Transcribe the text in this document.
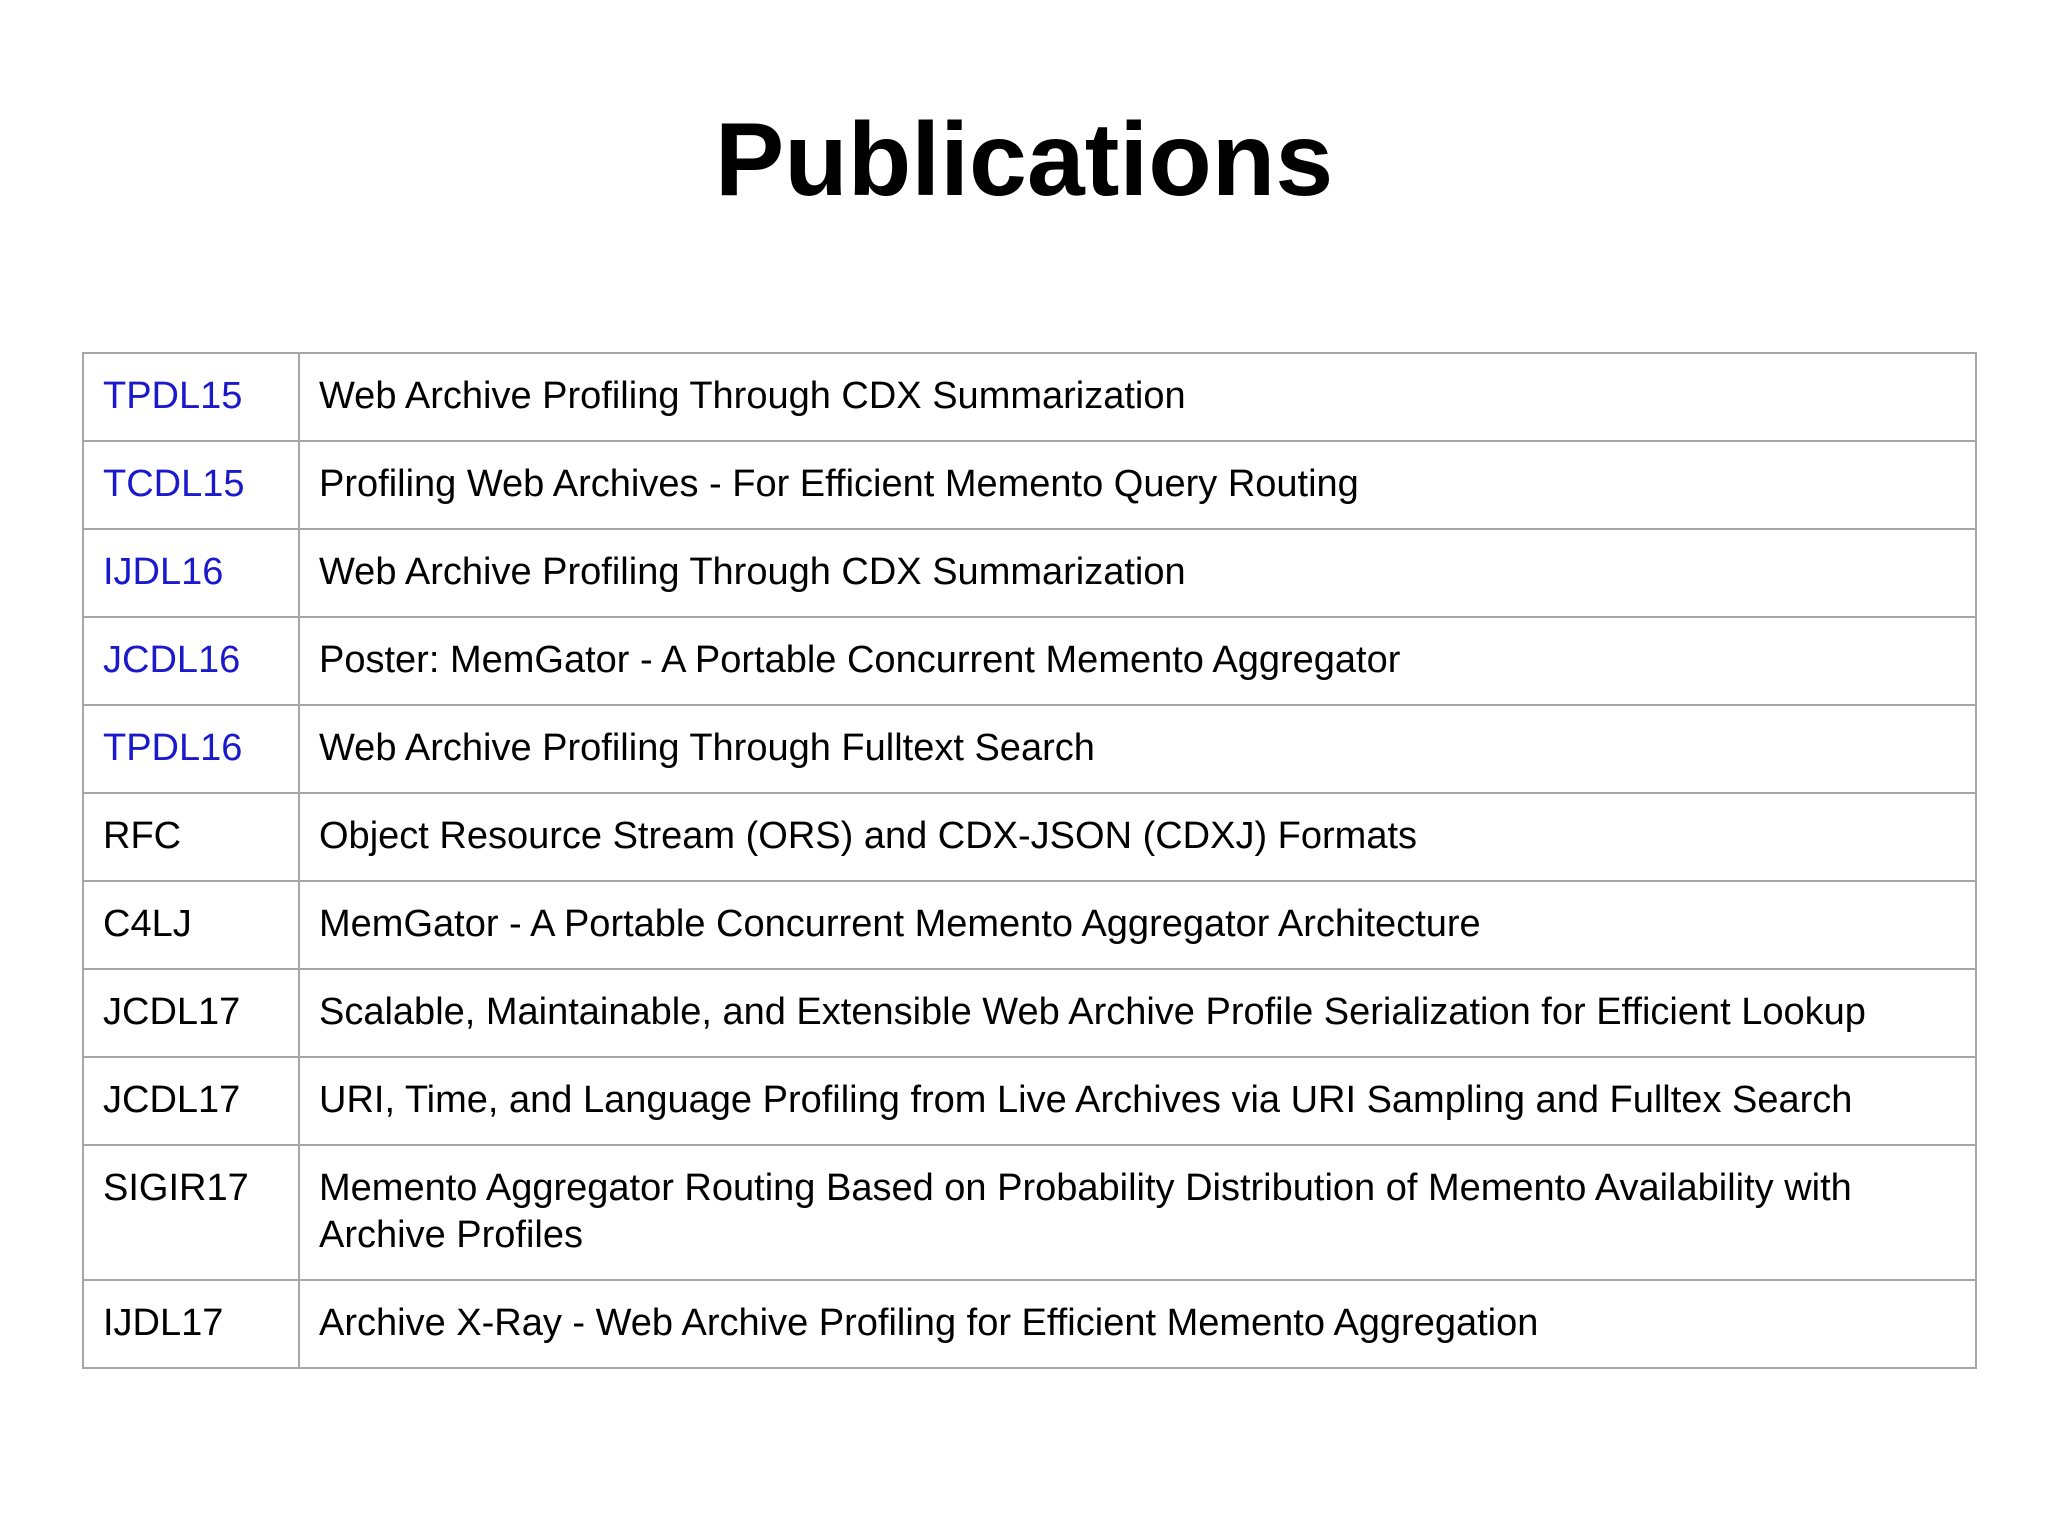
Publications
TPDL15	Web Archive Profiling Through CDX Summarization
TCDL15	Profiling Web Archives - For Efficient Memento Query Routing
IJDL16	Web Archive Profiling Through CDX Summarization
JCDL16	Poster: MemGator - A Portable Concurrent Memento Aggregator
TPDL16	Web Archive Profiling Through Fulltext Search
RFC	Object Resource Stream (ORS) and CDX-JSON (CDXJ) Formats
C4LJ	MemGator - A Portable Concurrent Memento Aggregator Architecture
JCDL17	Scalable, Maintainable, and Extensible Web Archive Profile Serialization for Efficient Lookup
JCDL17	URI, Time, and Language Profiling from Live Archives via URI Sampling and Fulltex Search
SIGIR17	Memento Aggregator Routing Based on Probability Distribution of Memento Availability with Archive Profiles
IJDL17	Archive X-Ray - Web Archive Profiling for Efficient Memento Aggregation
